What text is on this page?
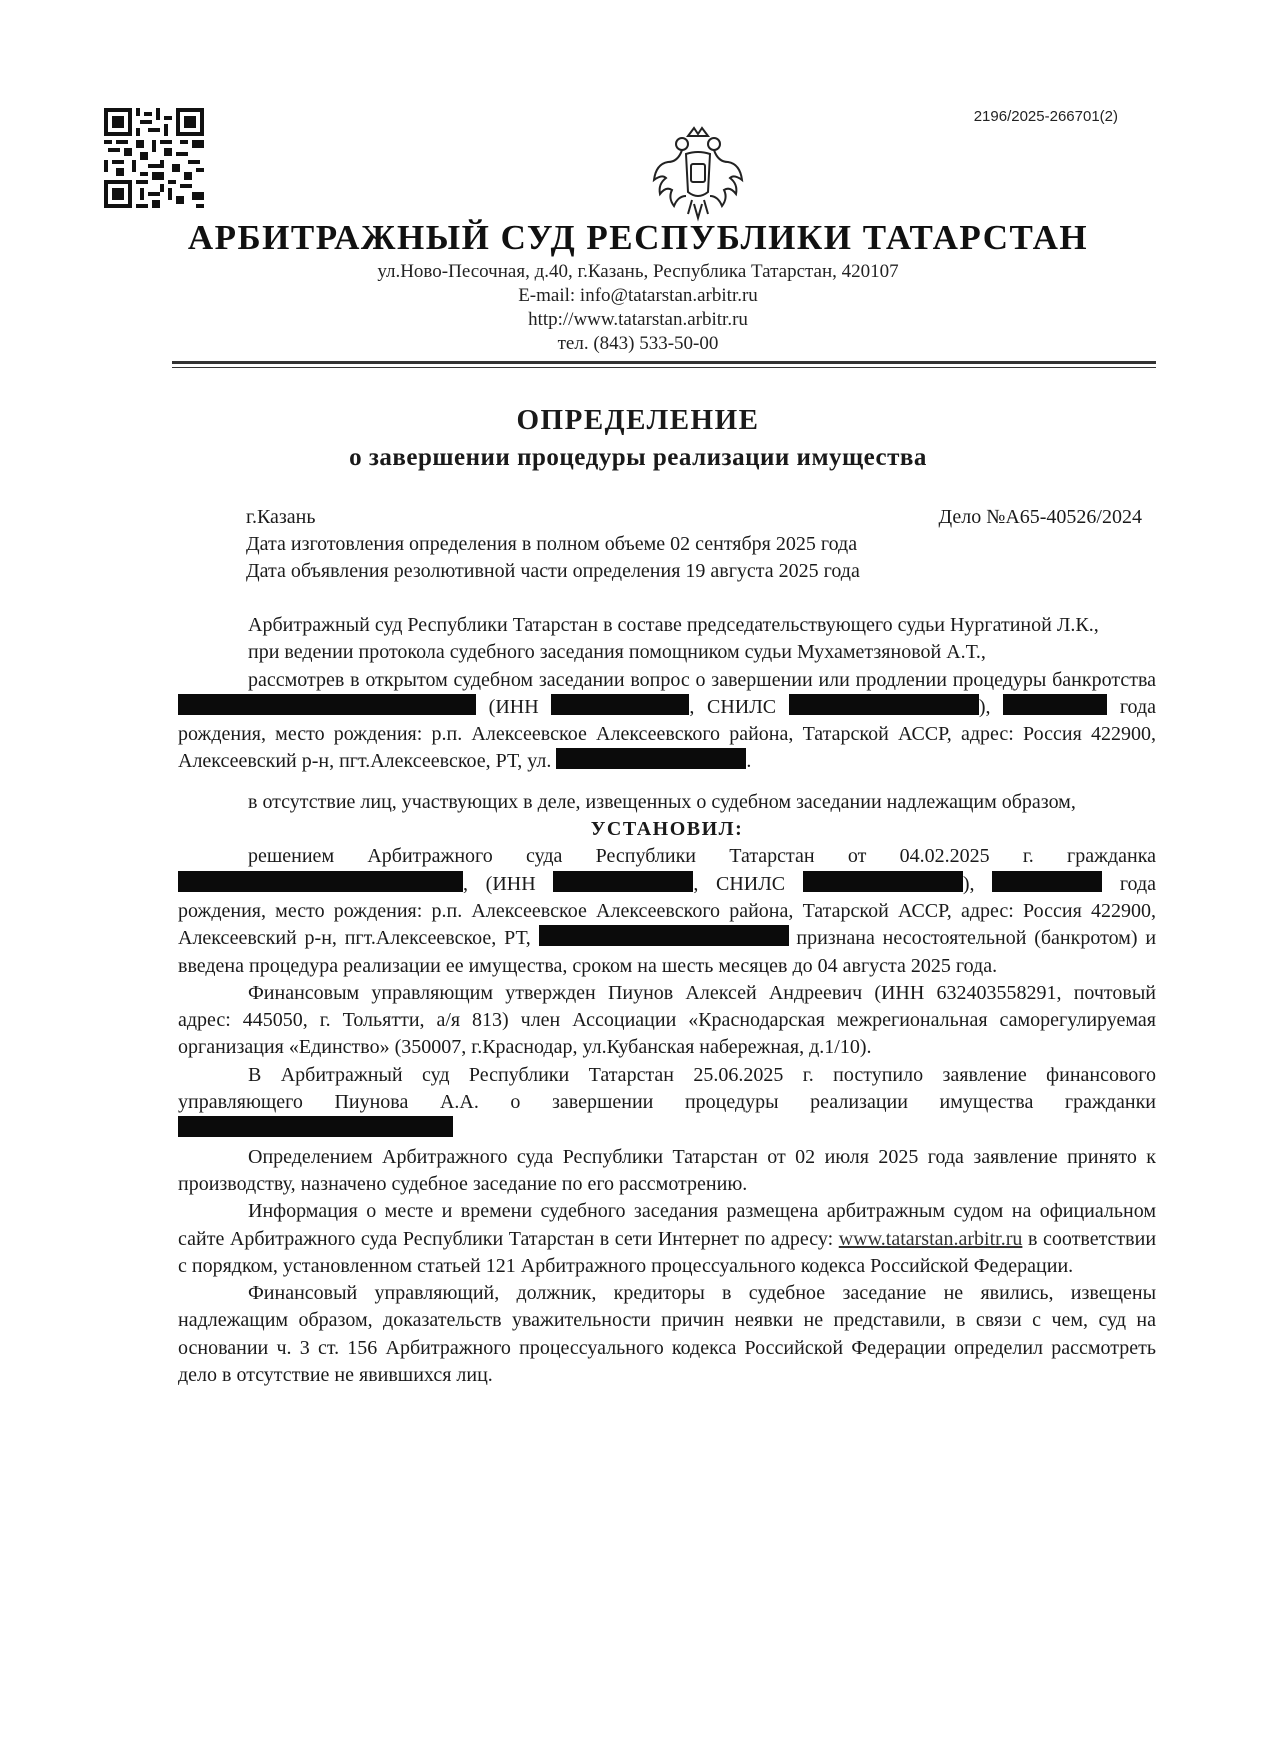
2196/2025-266701(2)
АРБИТРАЖНЫЙ СУД РЕСПУБЛИКИ ТАТАРСТАН
ул.Ново-Песочная, д.40, г.Казань, Республика Татарстан, 420107
E-mail: info@tatarstan.arbitr.ru
http://www.tatarstan.arbitr.ru
тел. (843) 533-50-00
ОПРЕДЕЛЕНИЕ
о завершении процедуры реализации имущества
г.Казань	Дело №А65-40526/2024
Дата изготовления определения в полном объеме 02 сентября 2025 года
Дата объявления резолютивной части определения 19 августа 2025 года

Арбитражный суд Республики Татарстан в составе председательствующего судьи Нургатиной Л.К.,

при ведении протокола судебного заседания помощником судьи Мухаметзяновой А.Т.,

рассмотрев в открытом судебном заседании вопрос о завершении или продлении процедуры банкротства  (ИНН	, СНИЛС	),	года рождения, место рождения: р.п. Алексеевское Алексеевского района, Татарской АССР, адрес: Россия 422900, Алексеевский р-н, пгт.Алексеевское, РТ, ул.	.

в отсутствие лиц, участвующих в деле, извещенных о судебном заседании надлежащим образом,

УСТАНОВИЛ:

решением Арбитражного суда Республики Татарстан от 04.02.2025 г. гражданка , (ИНН	, СНИЛС	),	года рождения, место рождения: р.п. Алексеевское Алексеевского района, Татарской АССР, адрес: Россия 422900, Алексеевский р-н, пгт.Алексеевское, РТ,	признана несостоятельной (банкротом) и введена процедура реализации ее имущества, сроком на шесть месяцев до 04 августа 2025 года.

Финансовым управляющим утвержден Пиунов Алексей Андреевич (ИНН 632403558291, почтовый адрес: 445050, г. Тольятти, а/я 813) член Ассоциации «Краснодарская межрегиональная саморегулируемая организация «Единство» (350007, г.Краснодар, ул.Кубанская набережная, д.1/10).

В Арбитражный суд Республики Татарстан 25.06.2025 г. поступило заявление финансового управляющего Пиунова А.А. о завершении процедуры реализации имущества гражданки

Определением Арбитражного суда Республики Татарстан от 02 июля 2025 года заявление принято к производству, назначено судебное заседание по его рассмотрению.

Информация о месте и времени судебного заседания размещена арбитражным судом на официальном сайте Арбитражного суда Республики Татарстан в сети Интернет по адресу: www.tatarstan.arbitr.ru в соответствии с порядком, установленном статьей 121 Арбитражного процессуального кодекса Российской Федерации.

Финансовый управляющий, должник, кредиторы в судебное заседание не явились, извещены надлежащим образом, доказательств уважительности причин неявки не представили, в связи с чем, суд на основании ч. 3 ст. 156 Арбитражного процессуального кодекса Российской Федерации определил рассмотреть дело в отсутствие не явившихся лиц.
